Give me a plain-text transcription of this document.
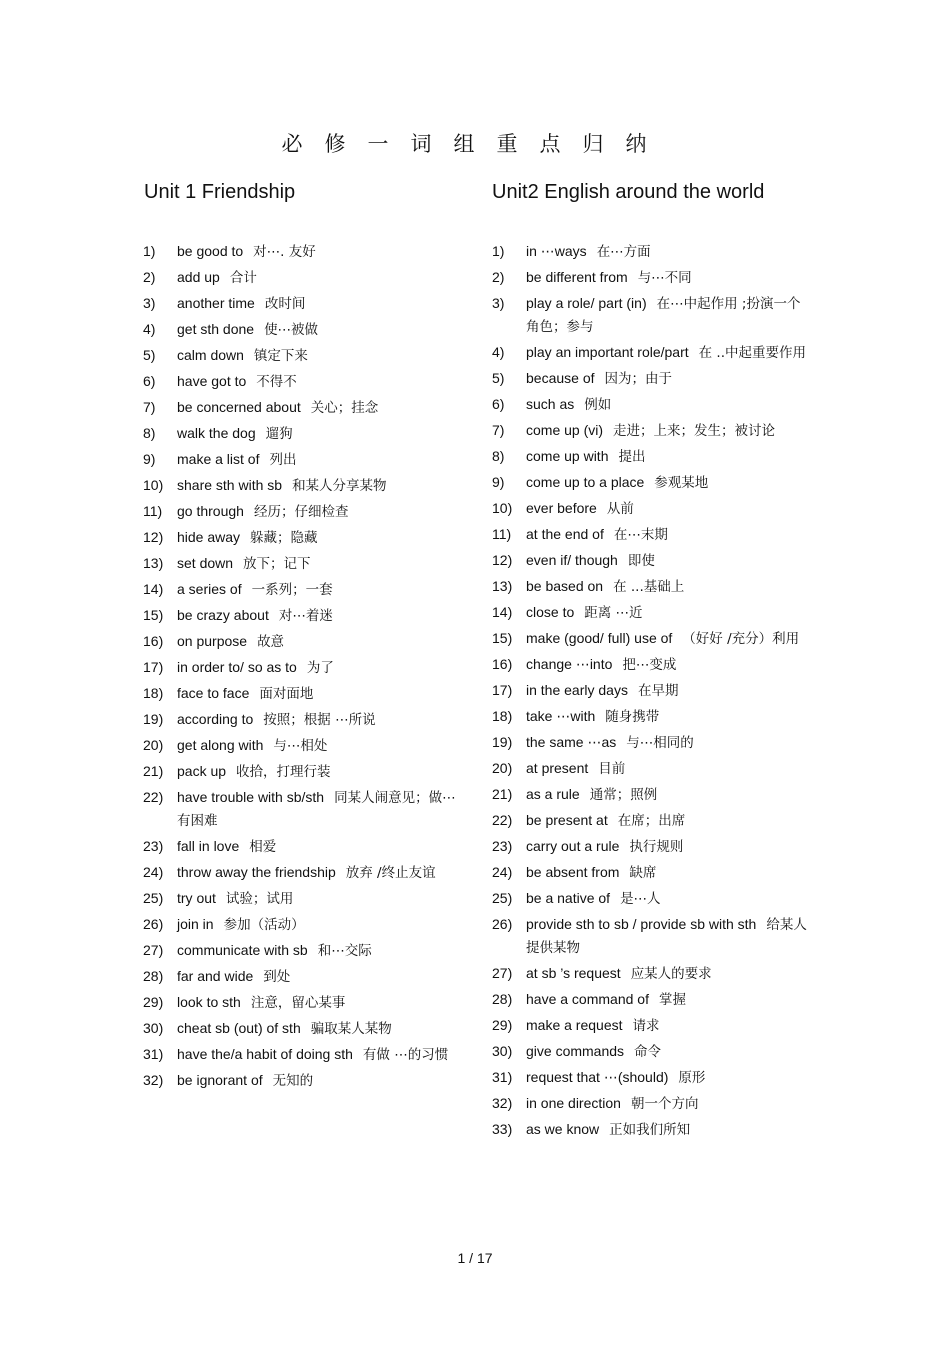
必修一词组重点归纳
Unit 1 Friendship	Unit2 English around the world
1)	be good to 对⋯. 友好
2)	add up 合计
3)	another time 改时间
4)	get sth done 使⋯被做
5)	calm down 镇定下来
6)	have got to 不得不
7)	be concerned about 关心；挂念
8)	walk the dog 遛狗
9)	make a list of 列出
10) share sth with sb 和某人分享某物
11)	go through 经历；仔细检查
12) hide away 躲藏；隐藏
13) set down 放下；记下
14) a series of 一系列；一套
15) be crazy about 对⋯着迷
16) on purpose 故意
17) in order to/ so as to 为了
18) face to face 面对面地
19) according to 按照；根据 ⋯所说
20) get along with 与⋯相处
21) pack up 收拾，打理行装
22) have trouble with sb/sth 同某人闹意见；做⋯有困难
23) fall in love 相爱
24) throw away the friendship 放弃 /终止友谊
25) try out 试验；试用
26) join in 参加（活动）
27) communicate with sb 和⋯交际
28) far and wide 到处
29) look to sth 注意，留心某事
30) cheat sb (out) of sth 骗取某人某物
31) have the/a habit of doing sth 有做 ⋯的习惯
32) be ignorant of 无知的
1)	in ⋯ways 在⋯方面
2)	be different from 与⋯不同
3)	play a role/ part (in) 在⋯中起作用 ;扮演一个角色；参与
4)	play an important role/part 在 ..中起重要作用
5)	because of 因为；由于
6)	such as 例如
7)	come up (vi) 走进；上来；发生；被讨论
8)	come up with 提出
9)	come up to a place 参观某地
10) ever before 从前
11)	at the end of 在⋯末期
12) even if/ though 即使
13) be based on 在 ...基础上
14) close to 距离 ⋯近
15) make (good/ full) use of （好好 /充分）利用
16) change ⋯into 把⋯变成
17) in the early days 在早期
18) take ⋯with 随身携带
19) the same ⋯as 与⋯相同的
20) at present 目前
21) as a rule 通常；照例
22) be present at 在席；出席
23) carry out a rule 执行规则
24) be absent from 缺席
25) be a native of 是⋯人
26) provide sth to sb / provide sb with sth 给某人提供某物
27) at sb ’s request 应某人的要求
28) have a command of 掌握
29) make a request 请求
30) give commands 命令
31) request that ⋯(should) 原形
32) in one direction 朝一个方向
33) as we know 正如我们所知
1 / 17
